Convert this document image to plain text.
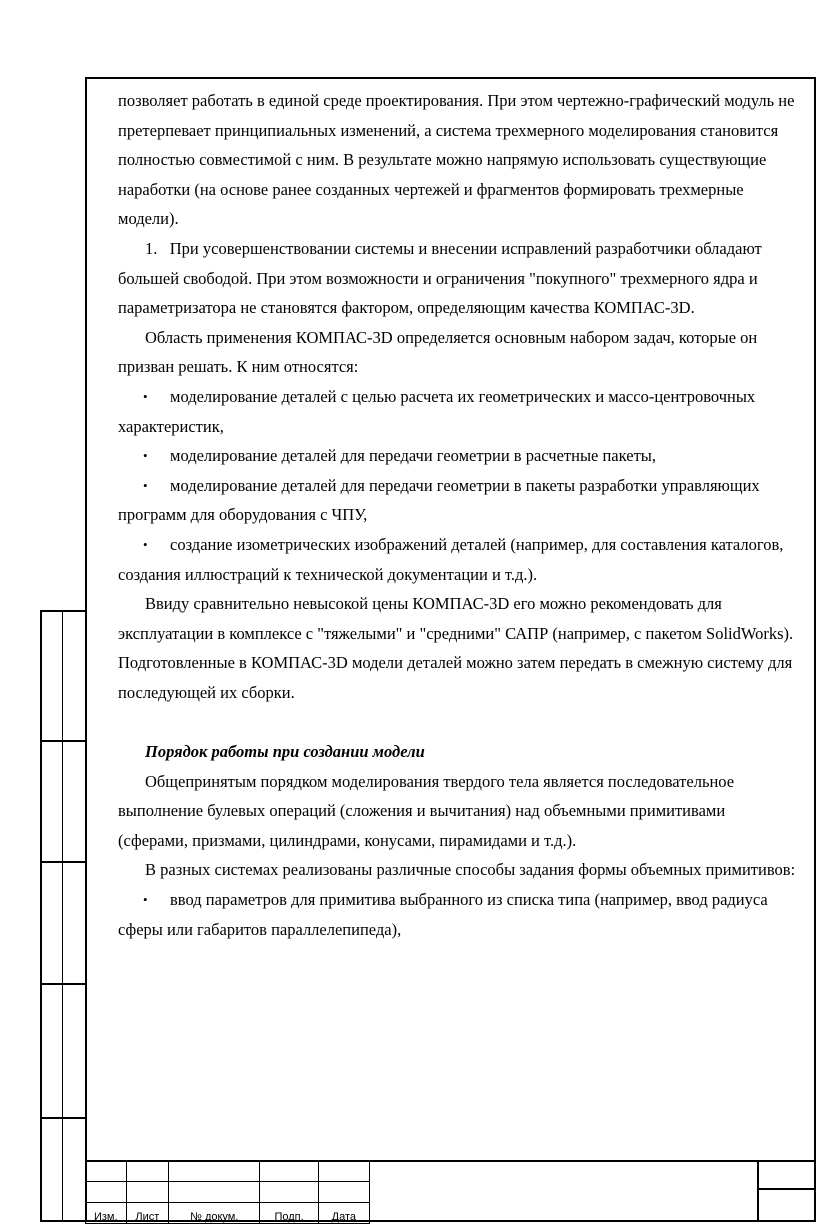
позволяет работать в единой среде проектирования. При этом чертежно-графический модуль не претерпевает принципиальных изменений, а система трехмерного моделирования становится полностью совместимой с ним. В результате можно напрямую использовать существующие наработки (на основе ранее созданных чертежей и фрагментов формировать трехмерные модели).

1.   При усовершенствовании системы и внесении исправлений разработчики обладают большей свободой. При этом возможности и ограничения "покупного" трехмерного ядра и параметризатора не становятся фактором, определяющим качества КОМПАС-3D.

Область применения КОМПАС-3D определяется основным набором задач, которые он призван решать. К ним относятся:

• моделирование деталей с целью расчета их геометрических и массо-центровочных характеристик,

• моделирование деталей для передачи геометрии в расчетные пакеты,

• моделирование деталей для передачи геометрии в пакеты разработки управляющих программ для оборудования с ЧПУ,

• создание изометрических изображений деталей (например, для составления каталогов, создания иллюстраций к технической документации и т.д.).

Ввиду сравнительно невысокой цены КОМПАС-3D его можно рекомендовать для эксплуатации в комплексе с "тяжелыми" и "средними" САПР (например, с пакетом SolidWorks). Подготовленные в КОМПАС-3D модели деталей можно затем передать в смежную систему для последующей их сборки.

Порядок работы при создании модели

Общепринятым порядком моделирования твердого тела является последовательное выполнение булевых операций (сложения и вычитания) над объемными примитивами (сферами, призмами, цилиндрами, конусами, пирамидами и т.д.).

В разных системах реализованы различные способы задания формы объемных примитивов:

• ввод параметров для примитива выбранного из списка типа (например, ввод радиуса сферы или габаритов параллелепипеда),

Изм.	Лист	№ докум.	Подп.	Дата
